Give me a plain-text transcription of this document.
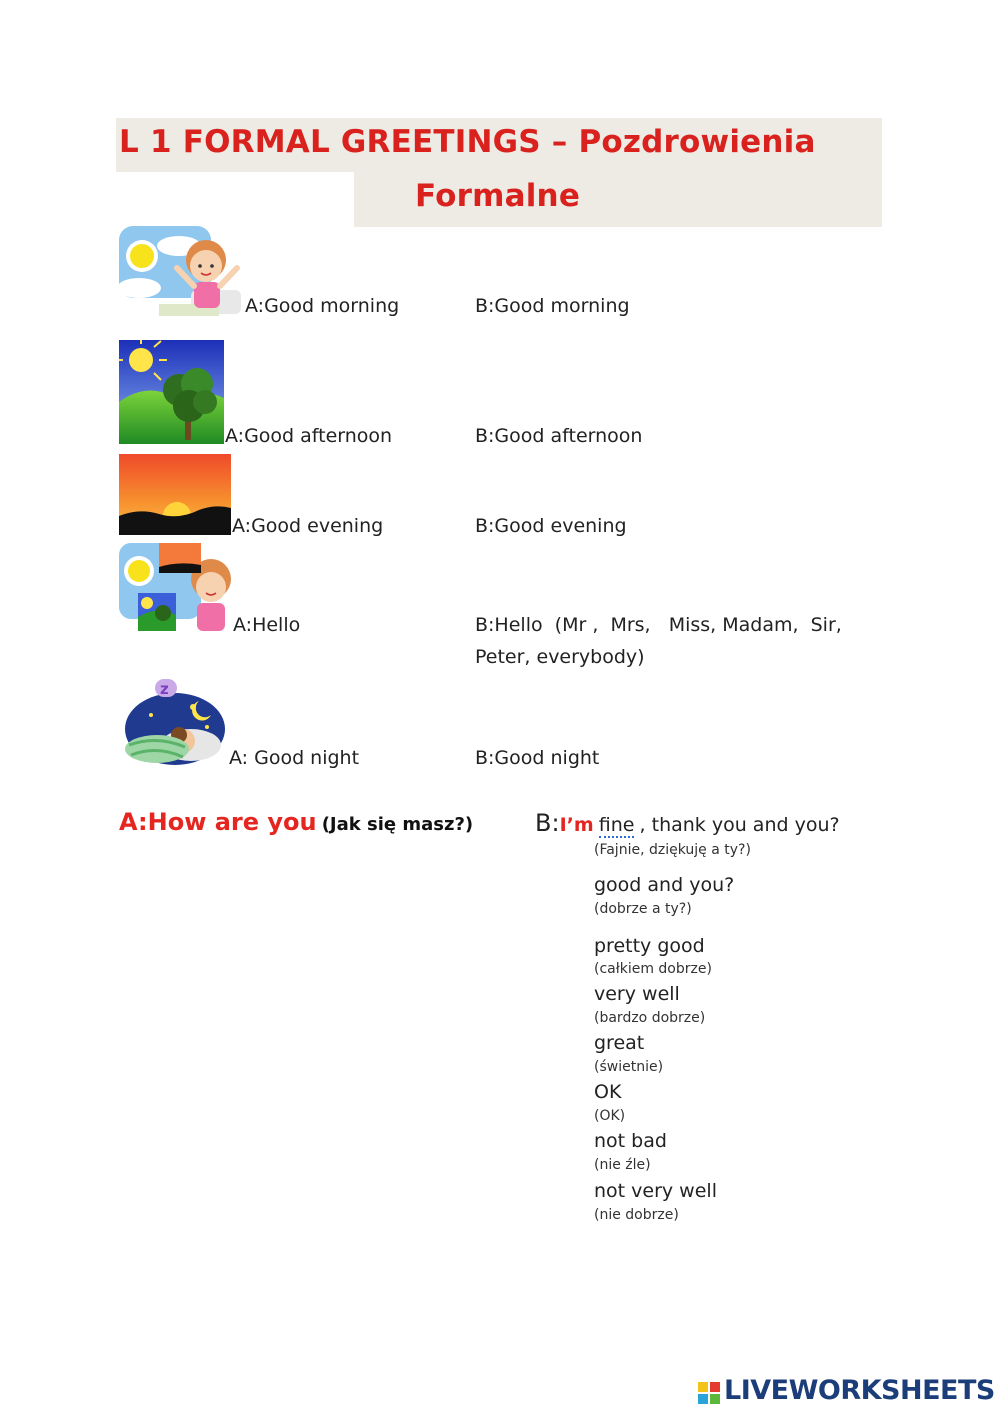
L 1 FORMAL GREETINGS – Pozdrowienia
Formalne
A:Good morning	B:Good morning
A:Good afternoon	B:Good afternoon
A:Good evening	B:Good evening
A:Hello	B:Hello  (Mr ,  Mrs,   Miss, Madam,  Sir,
Peter, everybody)
z
A: Good night	B:Good night
A:How are you (Jak się masz?)	B:I’m fine , thank you and you?
(Fajnie, dziękuję a ty?)
good and you?
(dobrze a ty?)
pretty good
(całkiem dobrze)
very well
(bardzo dobrze)
great
(świetnie)
OK
(OK)
not bad
(nie źle)
not very well
(nie dobrze)
LIVEWORKSHEETS
